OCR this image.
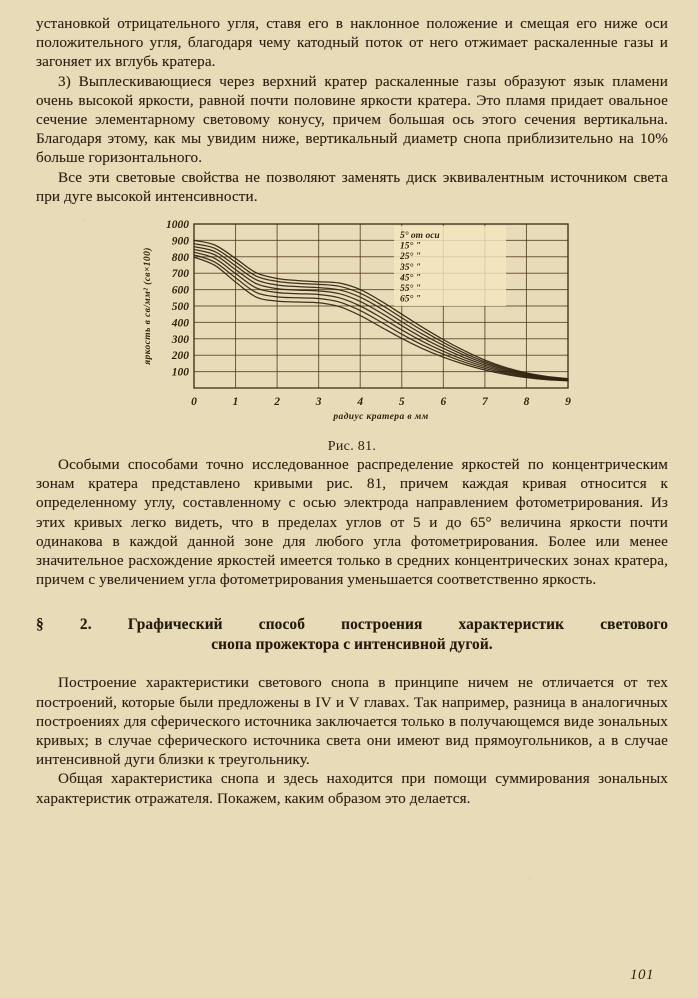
установкой отрицательного угля, ставя его в наклонное положение и смещая его ниже оси положительного угля, благодаря чему катодный поток от него отжимает раскаленные газы и загоняет их вглубь кратера.

3) Выплескивающиеся через верхний кратер раскаленные газы образуют язык пламени очень высокой яркости, равной почти половине яркости кратера. Это пламя придает овальное сечение элементарному световому конусу, причем большая ось этого сечения вертикальна. Благодаря этому, как мы увидим ниже, вертикальный диаметр снопа приблизительно на 10% больше горизонтального.

Все эти световые свойства не позволяют заменять диск эквивалентным источником света при дуге высокой интенсивности.

5° от оси
15° "
25° "
35° "
45° "
55° "
65° "
100
200
300
400
500
600
700
800
900
1000
0	1	2	3	4	5	6	7	8	9
радиус кратера в мм
яркость в св/мм² (св×100)
Рис. 81.

Особыми способами точно исследованное распределение яркостей по концентрическим зонам кратера представлено кривыми рис. 81, причем каждая кривая относится к определенному углу, составленному с осью электрода направлением фотометрирования. Из этих кривых легко видеть, что в пределах углов от 5 и до 65° величина яркости почти одинакова в каждой данной зоне для любого угла фотометрирования. Более или менее значительное расхождение яркостей имеется только в средних концентрических зонах кратера, причем с увеличением угла фотометрирования уменьшается соответственно яркость.

§ 2. Графический способ построения характеристик светового
снопа прожектора с интенсивной дугой.

Построение характеристики светового снопа в принципе ничем не отличается от тех построений, которые были предложены в IV и V главах. Так например, разница в аналогичных построениях для сферического источника заключается только в получающемся виде зональных кривых; в случае сферического источника света они имеют вид прямоугольников, а в случае интенсивной дуги близки к треугольнику.

Общая характеристика снопа и здесь находится при помощи суммирования зональных характеристик отражателя. Покажем, каким образом это делается.

101
